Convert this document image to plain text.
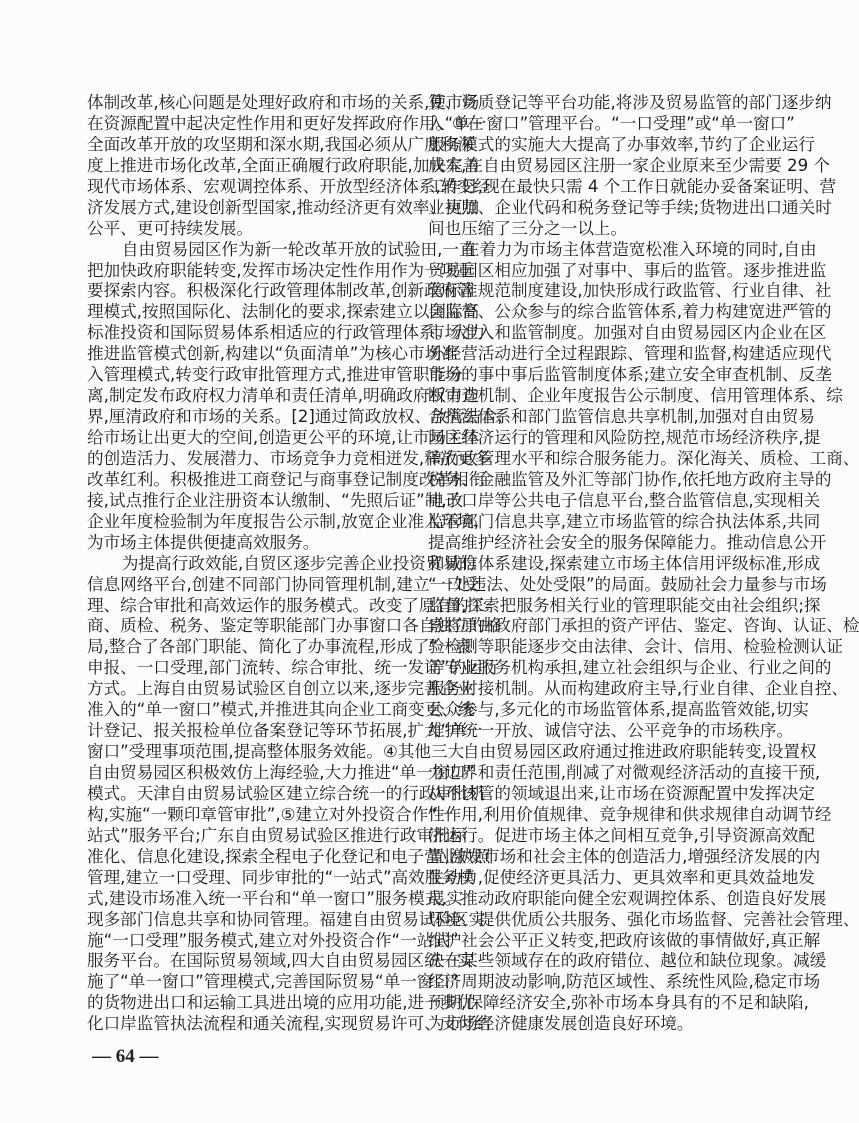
体制改革,核心问题是处理好政府和市场的关系,使市场
在资源配置中起决定性作用和更好发挥政府作用。③在
全面改革开放的攻坚期和深水期,我国必须从广度和深
度上推进市场化改革,全面正确履行政府职能,加快完善
现代市场体系、宏观调控体系、开放型经济体系,转变经
济发展方式,建设创新型国家,推动经济更有效率、更加
公平、更可持续发展。
自由贸易园区作为新一轮改革开放的试验田,一直
把加快政府职能转变,发挥市场决定性作用作为一项重
要探索内容。积极深化行政管理体制改革,创新政府管
理模式,按照国际化、法制化的要求,探索建立以国际高
标准投资和国际贸易体系相适应的行政管理体系。大力
推进监管模式创新,构建以“负面清单”为核心市场准
入管理模式,转变行政审批管理方式,推进审管职能分
离,制定发布政府权力清单和责任清单,明确政府权力边
界,厘清政府和市场的关系。[2]通过简政放权、放管结合,
给市场让出更大的空间,创造更公平的环境,让市场主体
的创造活力、发展潜力、市场竞争力竞相迸发,释放更多
改革红利。积极推进工商登记与商事登记制度改革相衔
接,试点推行企业注册资本认缴制、“先照后证”制,改
企业年度检验制为年度报告公示制,放宽企业准入环境,
为市场主体提供便捷高效服务。
为提高行政效能,自贸区逐步完善企业投资贸易的
信息网络平台,创建不同部门协同管理机制,建立一口受
理、综合审批和高效运作的服务模式。改变了原有的工
商、质检、税务、鉴定等职能部门办事窗口各自独立的格
局,整合了各部门职能、简化了办事流程,形成了“一表
申报、一口受理,部门流转、综合审批、统一发证”的运行
方式。上海自由贸易试验区自创立以来,逐步完善企业
准入的“单一窗口”模式,并推进其向企业工商变更、统
计登记、报关报检单位备案登记等环节拓展,扩大“单一
窗口”受理事项范围,提高整体服务效能。④其他三大
自由贸易园区积极效仿上海经验,大力推进“单一窗口”
模式。天津自由贸易试验区建立综合统一的行政审批机
构,实施“一颗印章管审批”,⑤建立对外投资合作“一
站式”服务平台;广东自由贸易试验区推进行政审批标
准化、信息化建设,探索全程电子化登记和电子营业执照
管理,建立一口受理、同步审批的“一站式”高效服务模
式,建设市场准入统一平台和“单一窗口”服务模式,实
现多部门信息共享和协同管理。福建自由贸易试验区实
施“一口受理”服务模式,建立对外投资合作“一站式”
服务平台。在国际贸易领域,四大自由贸易园区统一实
施了“单一窗口”管理模式,完善国际贸易“单一窗口”
的货物进出口和运输工具进出境的应用功能,进一步优
化口岸监管执法流程和通关流程,实现贸易许可、支付结
算、资质登记等平台功能,将涉及贸易监管的部门逐步纳
入“单一窗口”管理平台。“一口受理”或“单一窗口”
服务模式的实施大大提高了办事效率,节约了企业运行
成本,在自由贸易园区注册一家企业原来至少需要 29 个
工作日,现在最快只需 4 个工作日就能办妥备案证明、营
业执照、企业代码和税务登记等手续;货物进出口通关时
间也压缩了三分之一以上。
在着力为市场主体营造宽松准入环境的同时,自由
贸易园区相应加强了对事中、事后的监管。逐步推进监
管标准规范制度建设,加快形成行政监管、行业自律、社
会监督、公众参与的综合监管体系,着力构建宽进严管的
市场准入和监管制度。加强对自由贸易园区内企业在区
外经营活动进行全过程跟踪、管理和监督,构建适应现代
市场的事中事后监管制度体系;建立安全审查机制、反垄
断审查机制、企业年度报告公示制度、信用管理体系、综
合执法体系和部门监管信息共享机制,加强对自由贸易
园区经济运行的管理和风险防控,规范市场经济秩序,提
高行政管理水平和综合服务能力。深化海关、质检、工商、
税务、金融监管及外汇等部门协作,依托地方政府主导的
电子口岸等公共电子信息平台,整合监管信息,实现相关
监管部门信息共享,建立市场监管的综合执法体系,共同
提高维护经济社会安全的服务保障能力。推动信息公开
和诚信体系建设,探索建立市场主体信用评级标准,形成
“一处违法、处处受限”的局面。鼓励社会力量参与市场
监督,探索把服务相关行业的管理职能交由社会组织;探
索将原由政府部门承担的资产评估、鉴定、咨询、认证、检
验检测等职能逐步交由法律、会计、信用、检验检测认证
等专业服务机构承担,建立社会组织与企业、行业之间的
服务对接机制。从而构建政府主导,行业自律、企业自控、
公众参与,多元化的市场监管体系,提高监管效能,切实
维护统一开放、诚信守法、公平竞争的市场秩序。
自由贸易园区政府通过推进政府职能转变,设置权
力边界和责任范围,削减了对微观经济活动的直接干预,
从不该管的领域退出来,让市场在资源配置中发挥决定
性作用,利用价值规律、竞争规律和供求规律自动调节经
济运行。促进市场主体之间相互竞争,引导资源高效配
置,激发市场和社会主体的创造活力,增强经济发展的内
生动力,促使经济更具活力、更具效率和更具效益地发
展。推动政府职能向健全宏观调控体系、创造良好发展
环境、提供优质公共服务、强化市场监督、完善社会管理、
维护社会公平正义转变,把政府该做的事情做好,真正解
决在某些领域存在的政府错位、越位和缺位现象。减缓
经济周期波动影响,防范区域性、系统性风险,稳定市场
预期,保障经济安全,弥补市场本身具有的不足和缺陷,
为市场经济健康发展创造良好环境。
— 64 —
